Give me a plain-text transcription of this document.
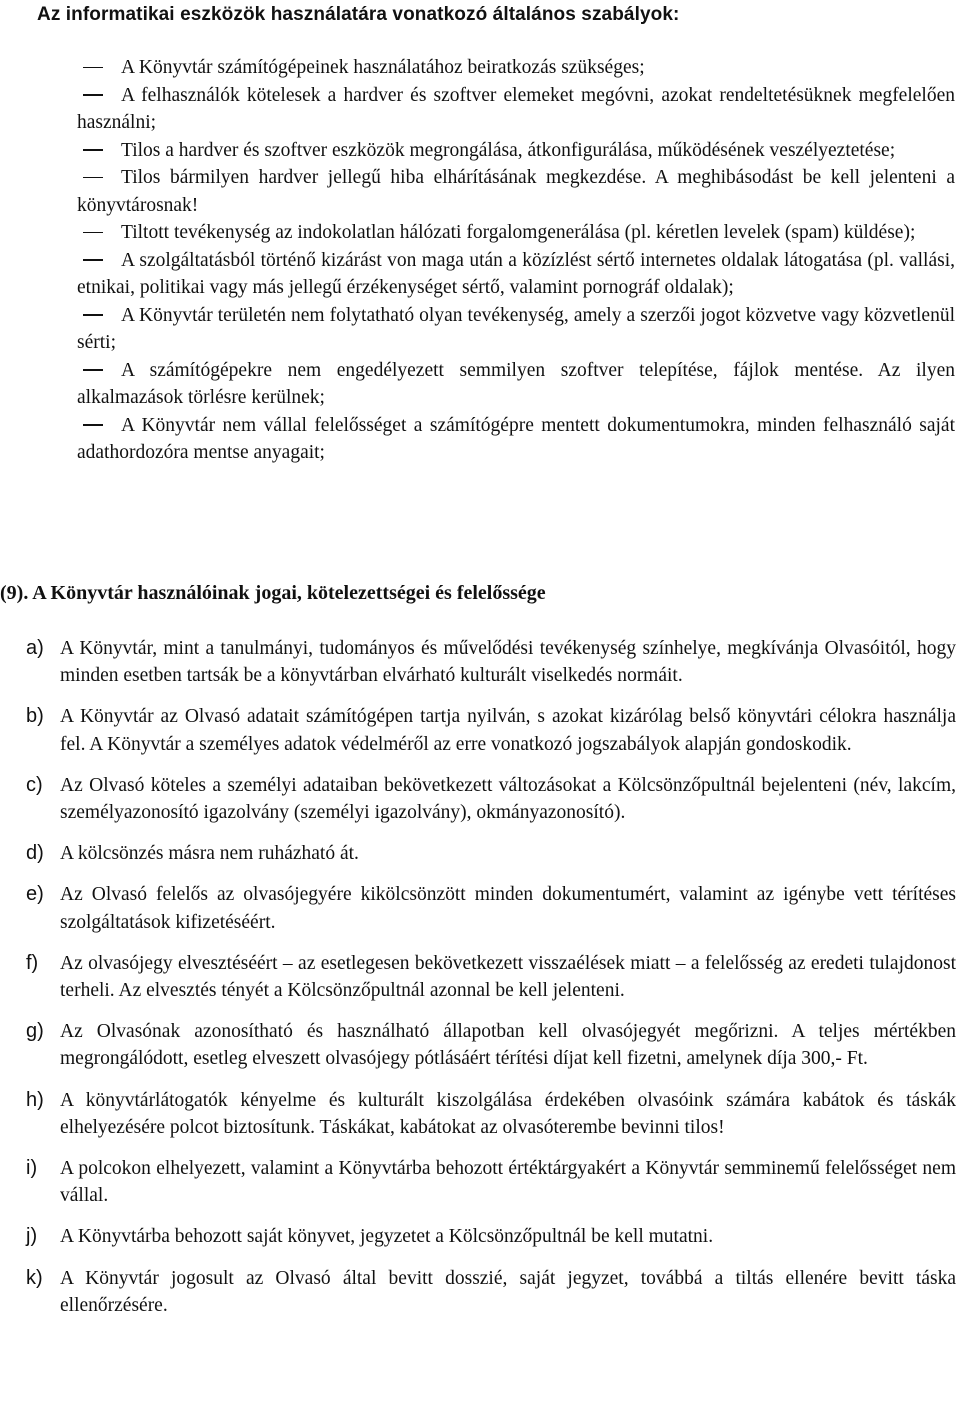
Az informatikai eszközök használatára vonatkozó általános szabályok:
A Könyvtár számítógépeinek használatához beiratkozás szükséges;
A felhasználók kötelesek a hardver és szoftver elemeket megóvni, azokat rendeltetésüknek megfelelően használni;
Tilos a hardver és szoftver eszközök megrongálása, átkonfigurálása, működésének veszélyeztetése;
Tilos bármilyen hardver jellegű hiba elhárításának megkezdése. A meghibásodást be kell jelenteni a könyvtárosnak!
Tiltott tevékenység az indokolatlan hálózati forgalomgenerálása (pl. kéretlen levelek (spam) küldése);
A szolgáltatásból történő kizárást von maga után a közízlést sértő internetes oldalak látogatása (pl. vallási, etnikai, politikai vagy más jellegű érzékenységet sértő, valamint pornográf oldalak);
A Könyvtár területén nem folytatható olyan tevékenység, amely a szerzői jogot közvetve vagy közvetlenül sérti;
A számítógépekre nem engedélyezett semmilyen szoftver telepítése, fájlok mentése. Az ilyen alkalmazások törlésre kerülnek;
A Könyvtár nem vállal felelősséget a számítógépre mentett dokumentumokra, minden felhasználó saját adathordozóra mentse anyagait;
(9). A Könyvtár használóinak jogai, kötelezettségei és felelőssége
a) A Könyvtár, mint a tanulmányi, tudományos és művelődési tevékenység színhelye, megkívánja Olvasóitól, hogy minden esetben tartsák be a könyvtárban elvárható kulturált viselkedés normáit.
b) A Könyvtár az Olvasó adatait számítógépen tartja nyilván, s azokat kizárólag belső könyvtári célokra használja fel. A Könyvtár a személyes adatok védelméről az erre vonatkozó jogszabályok alapján gondoskodik.
c) Az Olvasó köteles a személyi adataiban bekövetkezett változásokat a Kölcsönzőpultnál bejelenteni (név, lakcím, személyazonosító igazolvány (személyi igazolvány), okmányazonosító).
d) A kölcsönzés másra nem ruházható át.
e) Az Olvasó felelős az olvasójegyére kikölcsönzött minden dokumentumért, valamint az igénybe vett térítéses szolgáltatások kifizetéséért.
f) Az olvasójegy elvesztéséért – az esetlegesen bekövetkezett visszaélések miatt – a felelősség az eredeti tulajdonost terheli. Az elvesztés tényét a Kölcsönzőpultnál azonnal be kell jelenteni.
g) Az Olvasónak azonosítható és használható állapotban kell olvasójegyét megőrizni. A teljes mértékben megrongálódott, esetleg elveszett olvasójegy pótlásáért térítési díjat kell fizetni, amelynek díja 300,- Ft.
h) A könyvtárlátogatók kényelme és kulturált kiszolgálása érdekében olvasóink számára kabátok és táskák elhelyezésére polcot biztosítunk. Táskákat, kabátokat az olvasóterembe bevinni tilos!
i) A polcokon elhelyezett, valamint a Könyvtárba behozott értéktárgyakért a Könyvtár semminemű felelősséget nem vállal.
j) A Könyvtárba behozott saját könyvet, jegyzetet a Kölcsönzőpultnál be kell mutatni.
k) A Könyvtár jogosult az Olvasó által bevitt dosszié, saját jegyzet, továbbá a tiltás ellenére bevitt táska ellenőrzésére.
